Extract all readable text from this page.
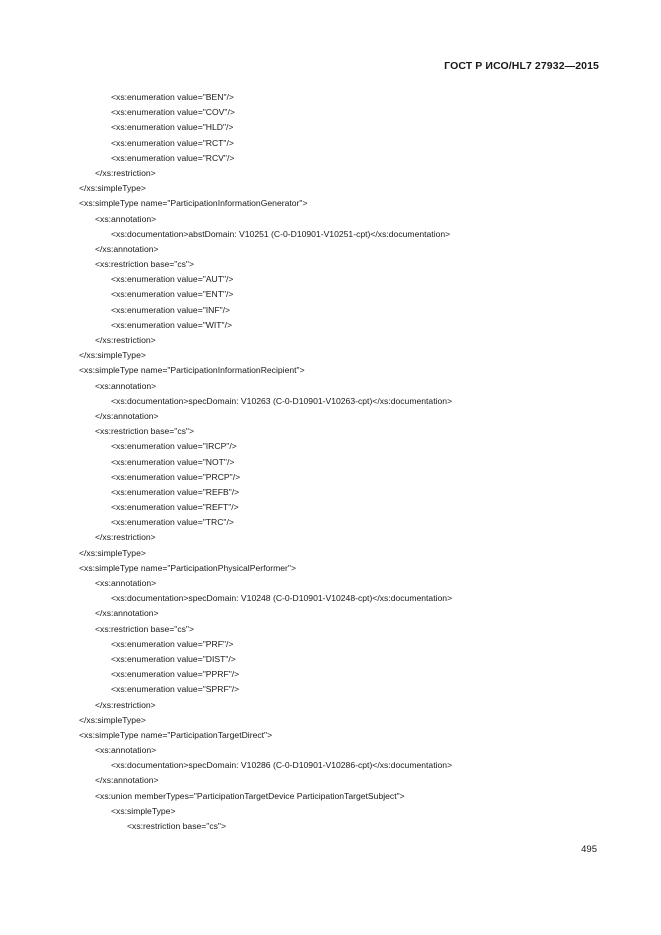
ГОСТ Р ИСО/HL7 27932—2015
<xs:enumeration value="BEN"/>
<xs:enumeration value="COV"/>
<xs:enumeration value="HLD"/>
<xs:enumeration value="RCT"/>
<xs:enumeration value="RCV"/>
</xs:restriction>
</xs:simpleType>
<xs:simpleType name="ParticipationInformationGenerator">
<xs:annotation>
<xs:documentation>abstDomain: V10251 (C-0-D10901-V10251-cpt)</xs:documentation>
</xs:annotation>
<xs:restriction base="cs">
<xs:enumeration value="AUT"/>
<xs:enumeration value="ENT"/>
<xs:enumeration value="INF"/>
<xs:enumeration value="WIT"/>
</xs:restriction>
</xs:simpleType>
<xs:simpleType name="ParticipationInformationRecipient">
<xs:annotation>
<xs:documentation>specDomain: V10263 (C-0-D10901-V10263-cpt)</xs:documentation>
</xs:annotation>
<xs:restriction base="cs">
<xs:enumeration value="IRCP"/>
<xs:enumeration value="NOT"/>
<xs:enumeration value="PRCP"/>
<xs:enumeration value="REFB"/>
<xs:enumeration value="REFT"/>
<xs:enumeration value="TRC"/>
</xs:restriction>
</xs:simpleType>
<xs:simpleType name="ParticipationPhysicalPerformer">
<xs:annotation>
<xs:documentation>specDomain: V10248 (C-0-D10901-V10248-cpt)</xs:documentation>
</xs:annotation>
<xs:restriction base="cs">
<xs:enumeration value="PRF"/>
<xs:enumeration value="DIST"/>
<xs:enumeration value="PPRF"/>
<xs:enumeration value="SPRF"/>
</xs:restriction>
</xs:simpleType>
<xs:simpleType name="ParticipationTargetDirect">
<xs:annotation>
<xs:documentation>specDomain: V10286 (C-0-D10901-V10286-cpt)</xs:documentation>
</xs:annotation>
<xs:union memberTypes="ParticipationTargetDevice ParticipationTargetSubject">
<xs:simpleType>
<xs:restriction base="cs">
495
